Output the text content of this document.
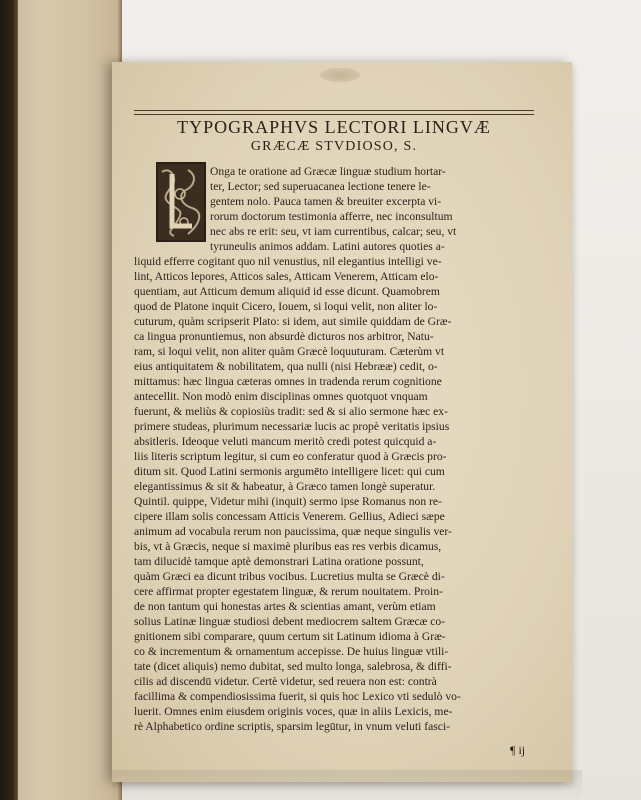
TYPOGRAPHVS LECTORI LINGVÆ
GRÆCÆ STVDIOSO, S.
Onga te oratione ad Græcæ linguæ studium hortar-
ter, Lector; sed superuacanea lectione tenere le-
gentem nolo. Pauca tamen & breuiter excerpta vi-
rorum doctorum testimonia afferre, nec inconsultum
nec abs re erit: seu, vt iam currentibus, calcar; seu, vt
tyruneulis animos addam. Latini autores quoties a-
liquid efferre cogitant quo nil venustius, nil elegantius intelligi ve-
lint, Atticos lepores, Atticos sales, Atticam Venerem, Atticam elo-
quentiam, aut Atticum demum aliquid id esse dicunt. Quamobrem
quod de Platone inquit Cicero, Iouem, si loqui velit, non aliter lo-
cuturum, quàm scripserit Plato: si idem, aut simile quiddam de Græ-
ca lingua pronuntiemus, non absurdè dicturos nos arbitror, Natu-
ram, si loqui velit, non aliter quàm Græcè loquuturam. Cæterùm vt
eius antiquitatem & nobilitatem, qua nulli (nisi Hebrææ) cedit, o-
mittamus: hæc lingua cæteras omnes in tradenda rerum cognitione
antecellit. Non modò enim disciplinas omnes quotquot vnquam
fuerunt, & meliùs & copiosiùs tradit: sed & si alio sermone hæc ex-
primere studeas, plurimum necessariæ lucis ac propè veritatis ipsius
absitleris. Ideoque veluti mancum meritò credi potest quicquid a-
liis literis scriptum legitur, si cum eo conferatur quod à Græcis pro-
ditum sit. Quod Latini sermonis argumēto intelligere licet: qui cum
elegantissimus & sit & habeatur, à Græco tamen longè superatur.
Quintil. quippe, Videtur mihi (inquit) sermo ipse Romanus non re-
cipere illam solis concessam Atticis Venerem. Gellius, Adieci sæpe
animum ad vocabula rerum non paucissima, quæ neque singulis ver-
bis, vt à Græcis, neque si maximè pluribus eas res verbis dicamus,
tam dilucidè tamque aptè demonstrari Latina oratione possunt,
quàm Græci ea dicunt tribus vocibus. Lucretius multa se Græcè di-
cere affirmat propter egestatem linguæ, & rerum nouitatem. Proin-
de non tantum qui honestas artes & scientias amant, verùm etiam
solius Latinæ linguæ studiosi debent mediocrem saltem Græcæ co-
gnitionem sibi comparare, quum certum sit Latinum idioma à Græ-
co & incrementum & ornamentum accepisse. De huius linguæ vtili-
tate (dicet aliquis) nemo dubitat, sed multo longa, salebrosa, & diffi-
cilis ad discendū videtur. Certè videtur, sed reuera non est: contrà
facillima & compendiosissima fuerit, si quis hoc Lexico vti sedulò vo-
luerit. Omnes enim eiusdem originis voces, quæ in aliis Lexicis, me-
rè Alphabetico ordine scriptis, sparsim legūtur, in vnum veluti fasci-
¶ ij
